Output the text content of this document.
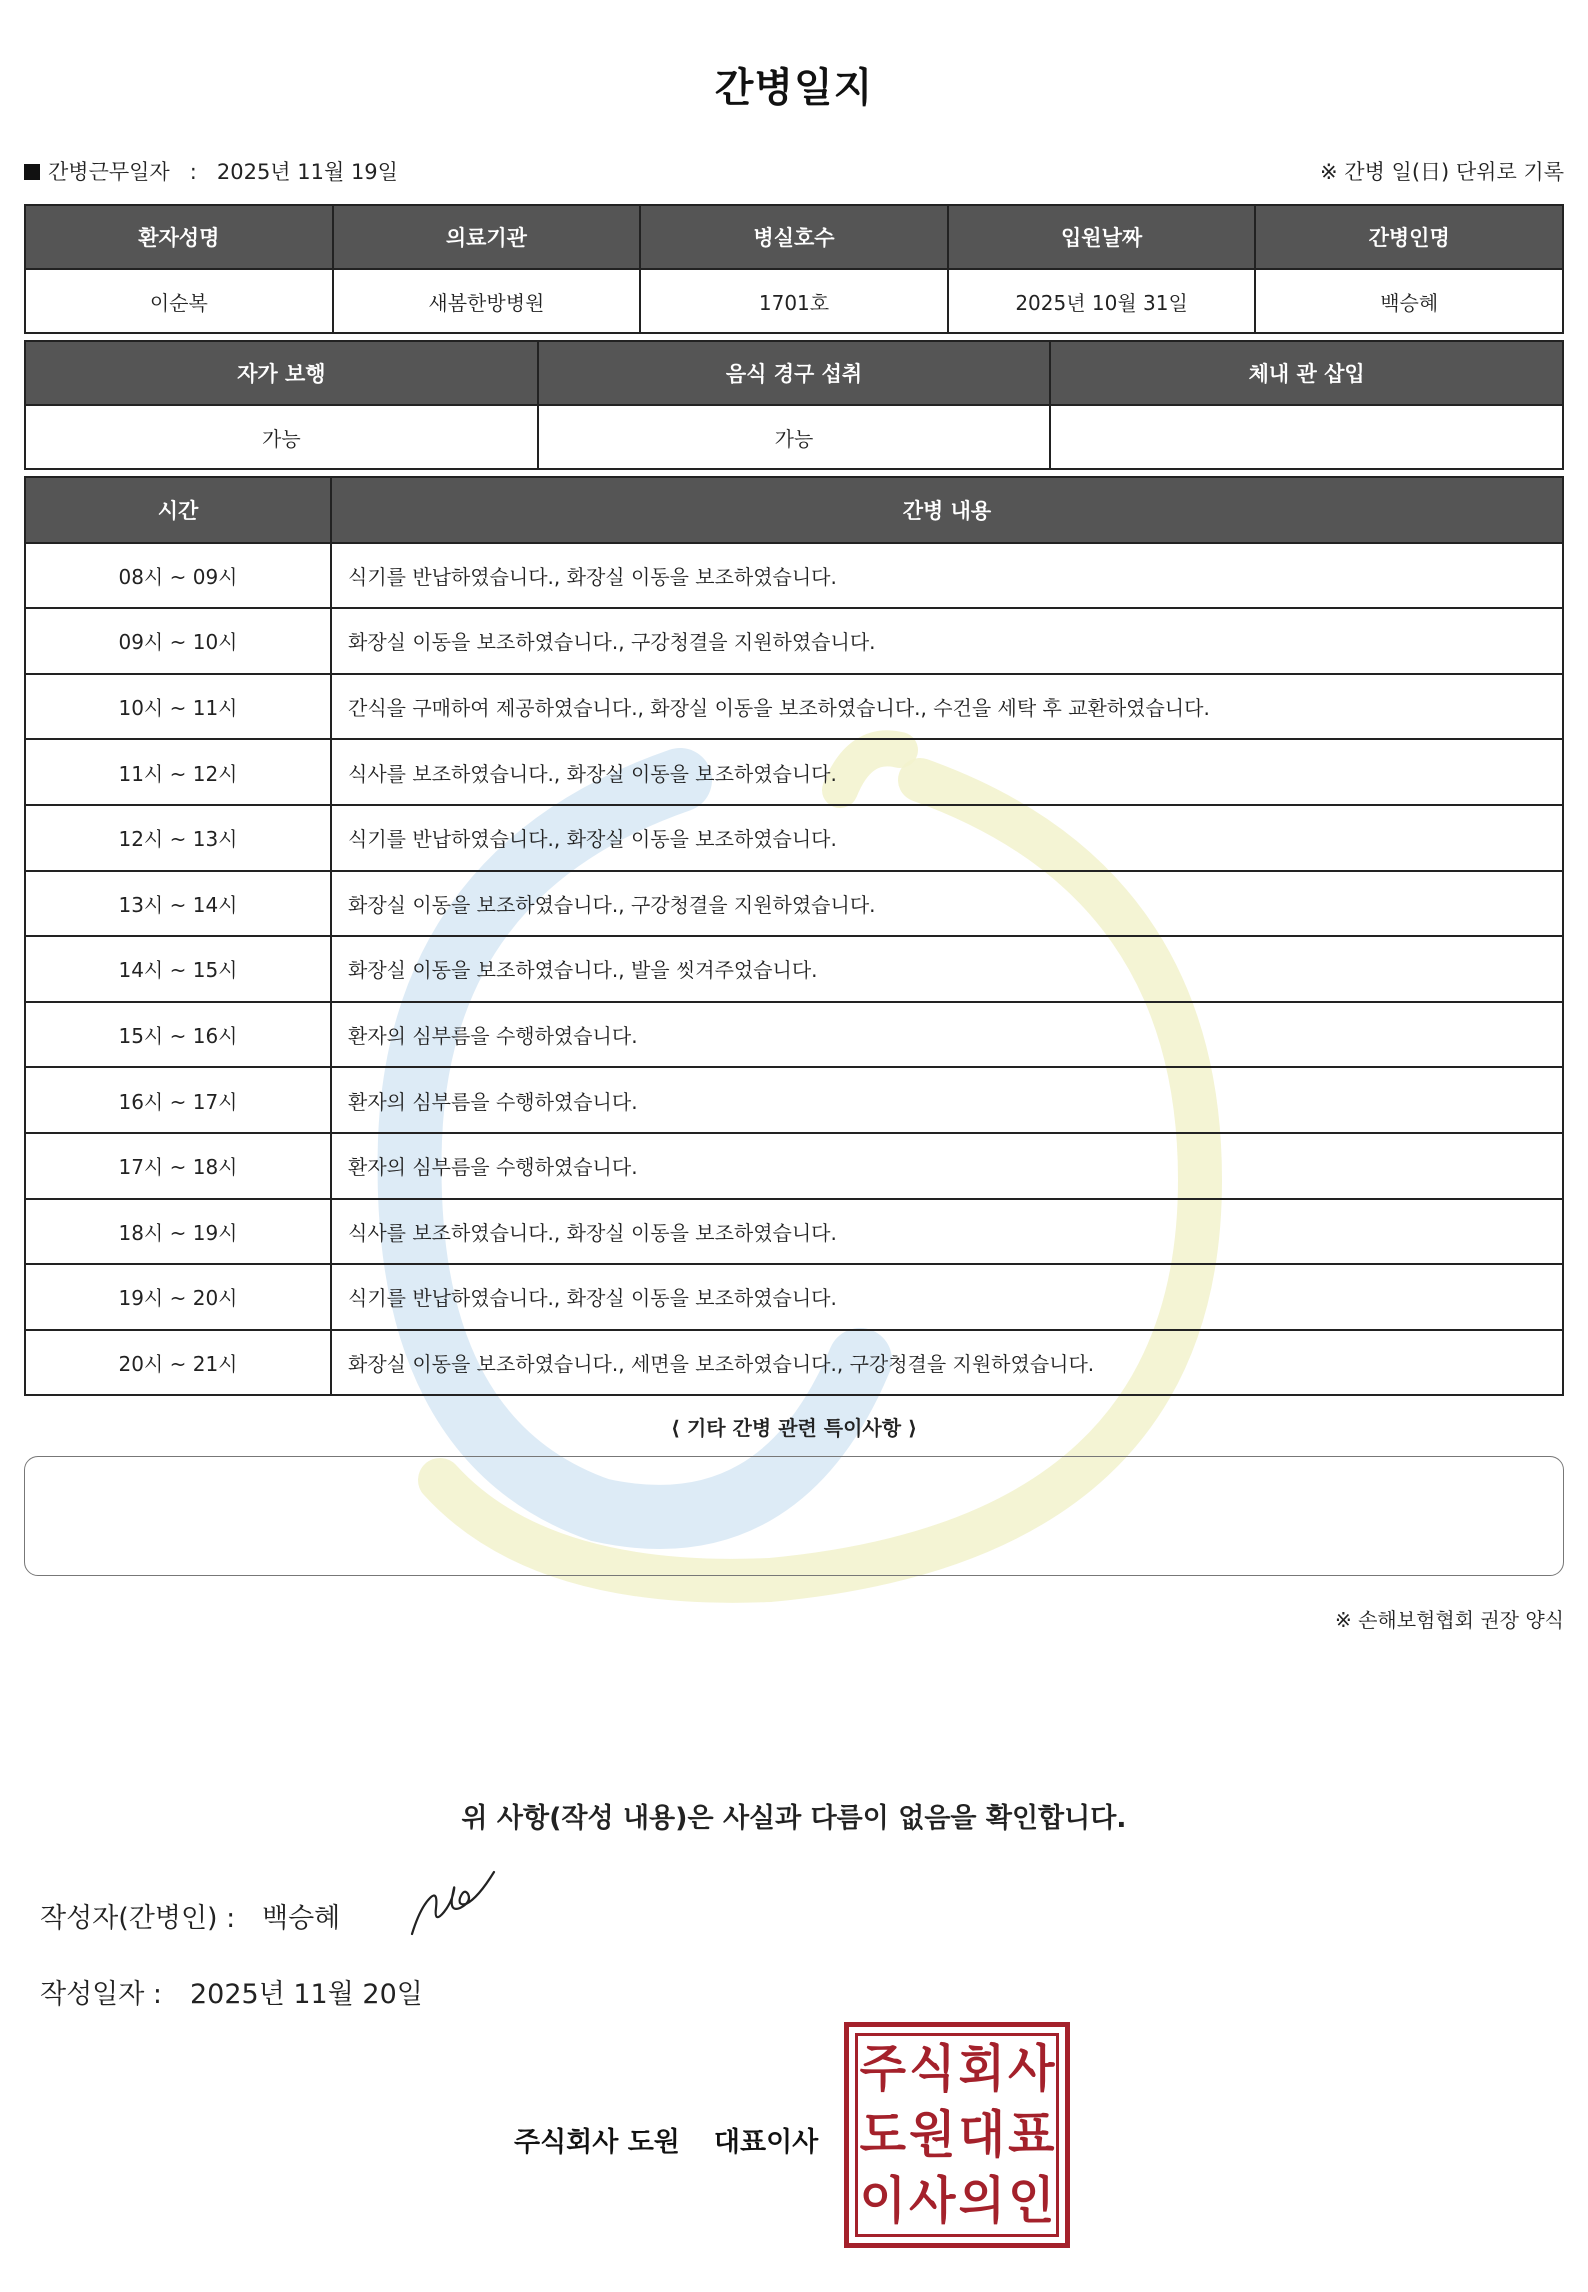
간병일지
간병근무일자 : 2025년 11월 19일	※ 간병 일(日) 단위로 기록
환자성명	의료기관	병실호수	입원날짜	간병인명
이순복	새봄한방병원	1701호	2025년 10월 31일	백승혜
자가 보행	음식 경구 섭취	체내 관 삽입
가능	가능	
시간	간병 내용
08시 ~ 09시	식기를 반납하였습니다., 화장실 이동을 보조하였습니다.
09시 ~ 10시	화장실 이동을 보조하였습니다., 구강청결을 지원하였습니다.
10시 ~ 11시	간식을 구매하여 제공하였습니다., 화장실 이동을 보조하였습니다., 수건을 세탁 후 교환하였습니다.
11시 ~ 12시	식사를 보조하였습니다., 화장실 이동을 보조하였습니다.
12시 ~ 13시	식기를 반납하였습니다., 화장실 이동을 보조하였습니다.
13시 ~ 14시	화장실 이동을 보조하였습니다., 구강청결을 지원하였습니다.
14시 ~ 15시	화장실 이동을 보조하였습니다., 발을 씻겨주었습니다.
15시 ~ 16시	환자의 심부름을 수행하였습니다.
16시 ~ 17시	환자의 심부름을 수행하였습니다.
17시 ~ 18시	환자의 심부름을 수행하였습니다.
18시 ~ 19시	식사를 보조하였습니다., 화장실 이동을 보조하였습니다.
19시 ~ 20시	식기를 반납하였습니다., 화장실 이동을 보조하였습니다.
20시 ~ 21시	화장실 이동을 보조하였습니다., 세면을 보조하였습니다., 구강청결을 지원하였습니다.
⟨ 기타 간병 관련 특이사항 ⟩
※ 손해보험협회 권장 양식
위 사항(작성 내용)은 사실과 다름이 없음을 확인합니다.
작성자(간병인) : 백승혜
작성일자 : 2025년 11월 20일
주식회사 도원 대표이사
주 식 회 사
도 원 대 표
이 사 의 인
